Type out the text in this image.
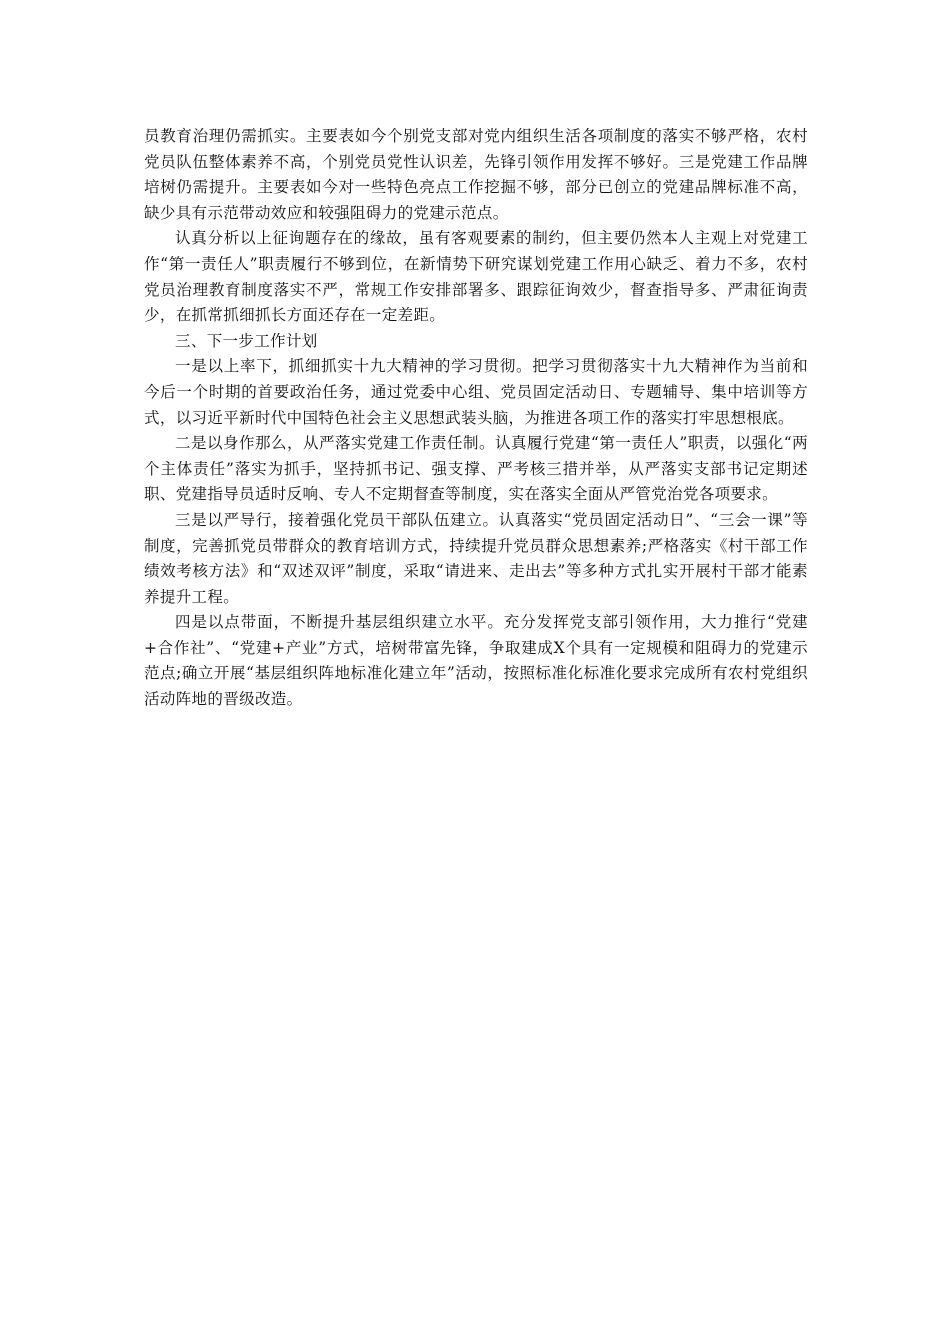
员教育治理仍需抓实。主要表如今个别党支部对党内组织生活各项制度的落实不够严格，农村党员队伍整体素养不高，个别党员党性认识差，先锋引领作用发挥不够好。三是党建工作品牌培树仍需提升。主要表如今对一些特色亮点工作挖掘不够，部分已创立的党建品牌标准不高，缺少具有示范带动效应和较强阻碍力的党建示范点。

认真分析以上征询题存在的缘故，虽有客观要素的制约，但主要仍然本人主观上对党建工作“第一责任人”职责履行不够到位，在新情势下研究谋划党建工作用心缺乏、着力不多，农村党员治理教育制度落实不严，常规工作安排部署多、跟踪征询效少，督查指导多、严肃征询责少，在抓常抓细抓长方面还存在一定差距。

三、下一步工作计划

一是以上率下，抓细抓实十九大精神的学习贯彻。把学习贯彻落实十九大精神作为当前和今后一个时期的首要政治任务，通过党委中心组、党员固定活动日、专题辅导、集中培训等方式，以习近平新时代中国特色社会主义思想武装头脑，为推进各项工作的落实打牢思想根底。

二是以身作那么，从严落实党建工作责任制。认真履行党建“第一责任人”职责，以强化“两个主体责任”落实为抓手，坚持抓书记、强支撑、严考核三措并举，从严落实支部书记定期述职、党建指导员适时反响、专人不定期督查等制度，实在落实全面从严管党治党各项要求。

三是以严导行，接着强化党员干部队伍建立。认真落实“党员固定活动日”、“三会一课”等制度，完善抓党员带群众的教育培训方式，持续提升党员群众思想素养;严格落实《村干部工作绩效考核方法》和“双述双评”制度，采取“请进来、走出去”等多种方式扎实开展村干部才能素养提升工程。

四是以点带面，不断提升基层组织建立水平。充分发挥党支部引领作用，大力推行“党建+合作社”、“党建+产业”方式，培树带富先锋，争取建成X个具有一定规模和阻碍力的党建示范点;确立开展“基层组织阵地标准化建立年”活动，按照标准化标准化要求完成所有农村党组织活动阵地的晋级改造。
